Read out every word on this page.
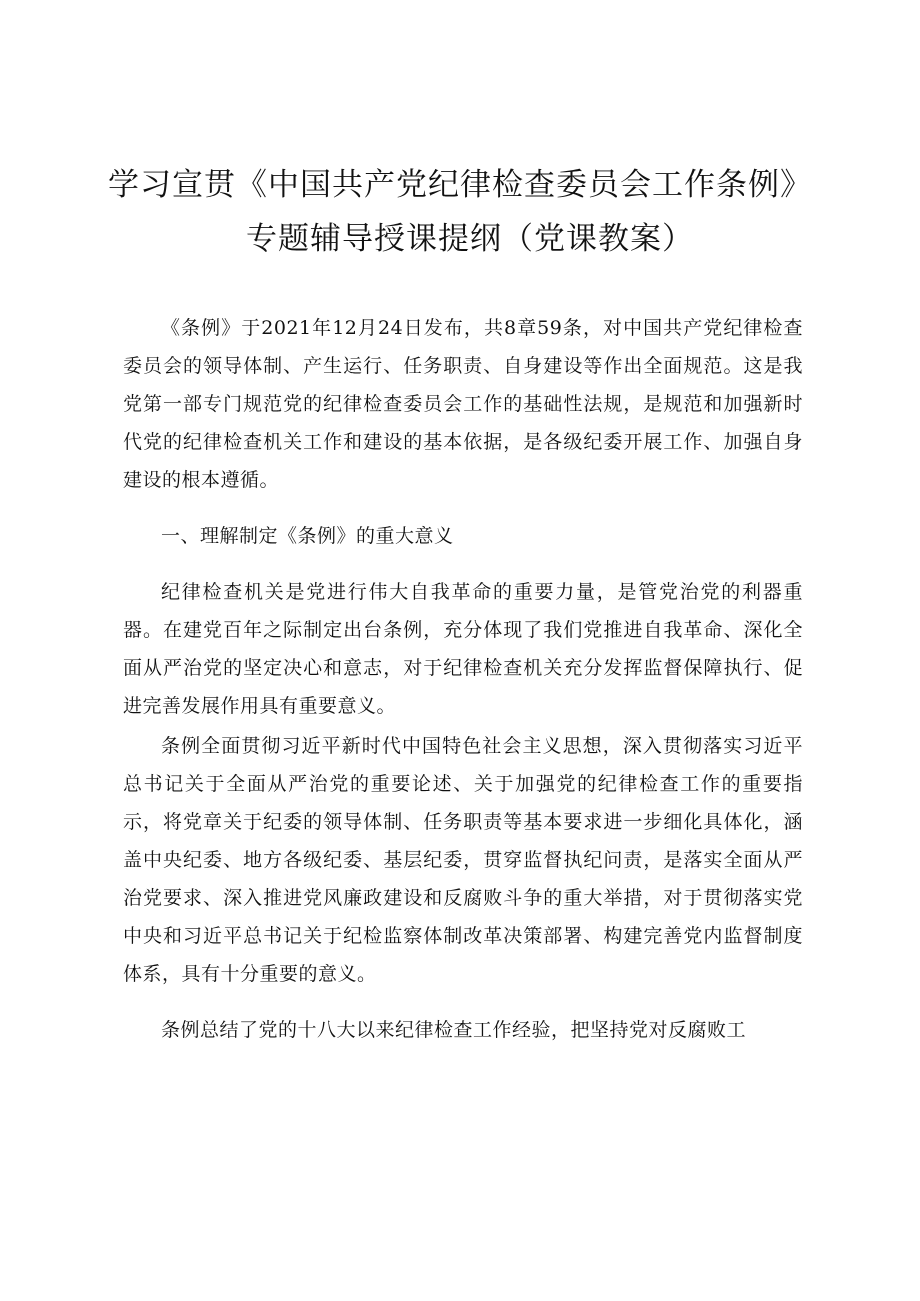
学习宣贯《中国共产党纪律检查委员会工作条例》
专题辅导授课提纲（党课教案）

《条例》于2021年12月24日发布，共8章59条，对中国共产党纪律检查委员会的领导体制、产生运行、任务职责、自身建设等作出全面规范。这是我党第一部专门规范党的纪律检查委员会工作的基础性法规，是规范和加强新时代党的纪律检查机关工作和建设的基本依据，是各级纪委开展工作、加强自身建设的根本遵循。

一、理解制定《条例》的重大意义

纪律检查机关是党进行伟大自我革命的重要力量，是管党治党的利器重器。在建党百年之际制定出台条例，充分体现了我们党推进自我革命、深化全面从严治党的坚定决心和意志，对于纪律检查机关充分发挥监督保障执行、促进完善发展作用具有重要意义。

条例全面贯彻习近平新时代中国特色社会主义思想，深入贯彻落实习近平总书记关于全面从严治党的重要论述、关于加强党的纪律检查工作的重要指示，将党章关于纪委的领导体制、任务职责等基本要求进一步细化具体化，涵盖中央纪委、地方各级纪委、基层纪委，贯穿监督执纪问责，是落实全面从严治党要求、深入推进党风廉政建设和反腐败斗争的重大举措，对于贯彻落实党中央和习近平总书记关于纪检监察体制改革决策部署、构建完善党内监督制度体系，具有十分重要的意义。

条例总结了党的十八大以来纪律检查工作经验，把坚持党对反腐败工
